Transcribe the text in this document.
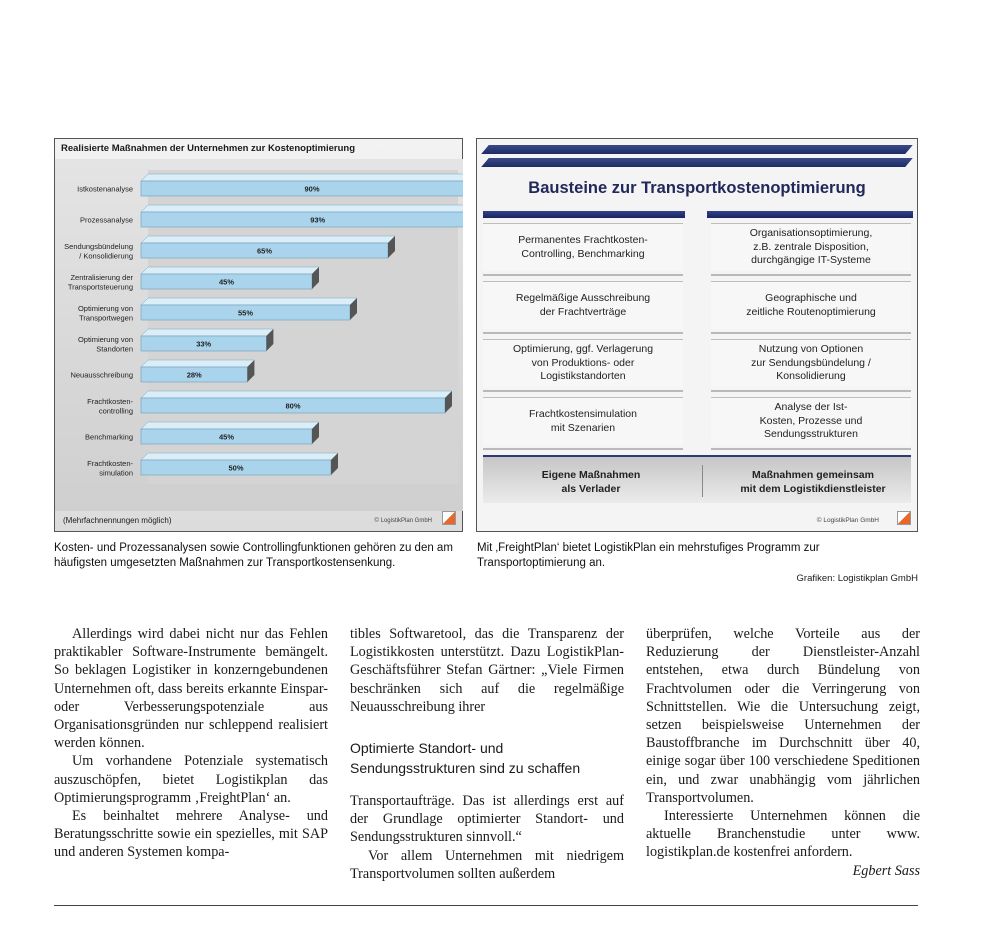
Realisierte Maßnahmen der Unternehmen zur Kostenoptimierung
90%
Istkostenanalyse
93%
Prozessanalyse
65%
Sendungsbündelung
/ Konsolidierung
45%
Zentralisierung der
Transportsteuerung
55%
Optimierung von
Transportwegen
33%
Optimierung von
Standorten
28%
Neuausschreibung
80%
Frachtkosten-
controlling
45%
Benchmarking
50%
Frachtkosten-
simulation
(Mehrfachnennungen möglich)	© LogistikPlan GmbH
Bausteine zur Transportkostenoptimierung
Permanentes Frachtkosten-
Controlling, Benchmarking
Regelmäßige Ausschreibung
der Frachtverträge
Optimierung, ggf. Verlagerung
von Produktions- oder
Logistikstandorten
Frachtkostensimulation
mit Szenarien
Organisationsoptimierung,
z.B. zentrale Disposition,
durchgängige IT-Systeme
Geographische und
zeitliche Routenoptimierung
Nutzung von Optionen
zur Sendungsbündelung /
Konsolidierung
Analyse der Ist-
Kosten, Prozesse und
Sendungsstrukturen
Eigene Maßnahmen
als Verlader
Maßnahmen gemeinsam
mit dem Logistikdienstleister
© LogistikPlan GmbH
Kosten- und Prozessanalysen sowie Controllingfunktionen gehören zu den am häufigsten umgesetzten Maßnahmen zur Transportkostensenkung.
Mit ‚FreightPlan‘ bietet LogistikPlan ein mehrstufiges Programm zur Transportoptimierung an.
Grafiken: Logistikplan GmbH

Allerdings wird dabei nicht nur das Fehlen praktikabler Software-Instrumente bemängelt. So beklagen Logistiker in konzerngebundenen Unternehmen oft, dass bereits erkannte Einspar- oder Verbesserungspotenziale aus Organisationsgründen nur schleppend realisiert werden können.

Um vorhandene Potenziale systematisch auszuschöpfen, bietet Logistikplan das Optimierungsprogramm ‚FreightPlan‘ an.

Es beinhaltet mehrere Analyse- und Beratungsschritte sowie ein spezielles, mit SAP und anderen Systemen kompa-

tibles Softwaretool, das die Transparenz der Logistikkosten unterstützt. Dazu LogistikPlan-Geschäftsführer Stefan Gärtner: „Viele Firmen beschränken sich auf die regelmäßige Neuausschreibung ihrer

Optimierte Standort- und Sendungsstrukturen sind zu schaffen

Transportaufträge. Das ist allerdings erst auf der Grundlage optimierter Standort- und Sendungsstrukturen sinnvoll.“

Vor allem Unternehmen mit niedrigem Transportvolumen sollten außerdem

überprüfen, welche Vorteile aus der Reduzierung der Dienstleister-Anzahl entstehen, etwa durch Bündelung von Frachtvolumen oder die Verringerung von Schnittstellen. Wie die Untersuchung zeigt, setzen beispielsweise Unternehmen der Baustoffbranche im Durchschnitt über 40, einige sogar über 100 verschiedene Speditionen ein, und zwar unabhängig vom jährlichen Transportvolumen.

Interessierte Unternehmen können die aktuelle Branchenstudie unter www. logistikplan.de kostenfrei anfordern.

Egbert Sass
